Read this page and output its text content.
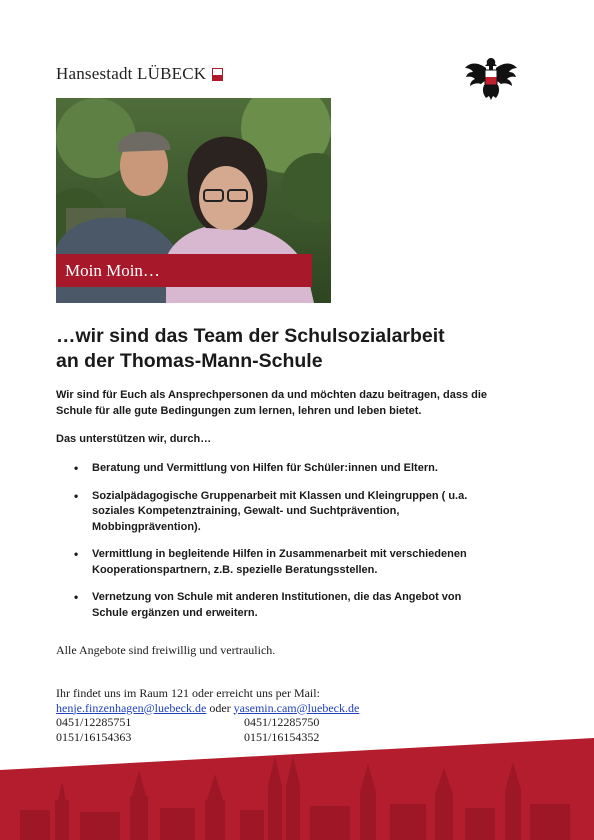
Hansestadt LÜBECK
Moin Moin…
…wir sind das Team der Schulsozialarbeit
an der Thomas-Mann-Schule

Wir sind für Euch als Ansprechpersonen da und möchten dazu beitragen, dass die Schule für alle gute Bedingungen zum lernen, lehren und leben bietet.

Das unterstützen wir, durch…

• Beratung und Vermittlung von Hilfen für Schüler:innen und Eltern.
• Sozialpädagogische Gruppenarbeit mit Klassen und Kleingruppen ( u.a. soziales Kompetenztraining, Gewalt- und Suchtprävention, Mobbingprävention).
• Vermittlung in begleitende Hilfen in Zusammenarbeit mit verschiedenen Kooperationspartnern, z.B. spezielle Beratungsstellen.
• Vernetzung von Schule mit anderen Institutionen, die das Angebot von Schule ergänzen und erweitern.

Alle Angebote sind freiwillig und vertraulich.

Ihr findet uns im Raum 121 oder erreicht uns per Mail:
henje.finzenhagen@luebeck.de oder yasemin.cam@luebeck.de
0451/12285751	0451/12285750
0151/16154363	0151/16154352
